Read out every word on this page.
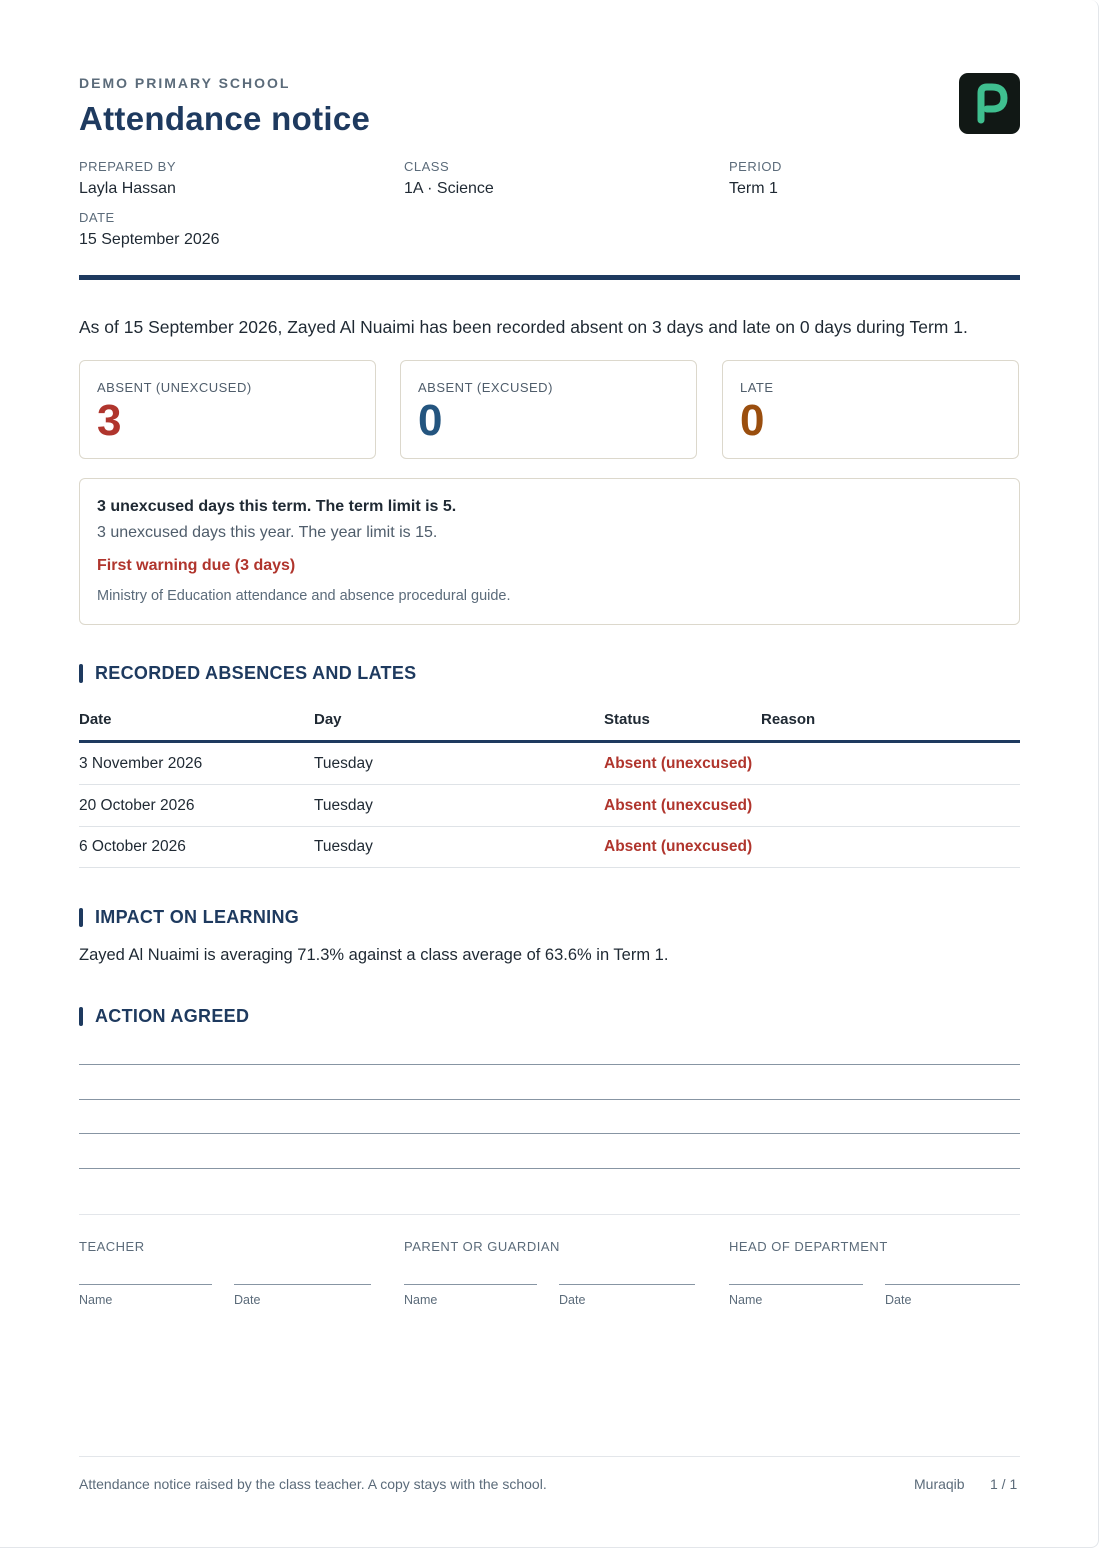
DEMO PRIMARY SCHOOL
Attendance notice
PREPARED BY
Layla Hassan
CLASS
1A · Science
PERIOD
Term 1
DATE
15 September 2026
As of 15 September 2026, Zayed Al Nuaimi has been recorded absent on 3 days and late on 0 days during Term 1.
ABSENT (UNEXCUSED)
3
ABSENT (EXCUSED)
0
LATE
0
3 unexcused days this term. The term limit is 5.
3 unexcused days this year. The year limit is 15.
First warning due (3 days)
Ministry of Education attendance and absence procedural guide.
RECORDED ABSENCES AND LATES
Date	Day	Status	Reason
3 November 2026	Tuesday	Absent (unexcused)
20 October 2026	Tuesday	Absent (unexcused)
6 October 2026	Tuesday	Absent (unexcused)
IMPACT ON LEARNING
Zayed Al Nuaimi is averaging 71.3% against a class average of 63.6% in Term 1.
ACTION AGREED
TEACHER	PARENT OR GUARDIAN	HEAD OF DEPARTMENT
Name	Date	Name	Date	Name	Date
Attendance notice raised by the class teacher. A copy stays with the school.	Muraqib 1 / 1
